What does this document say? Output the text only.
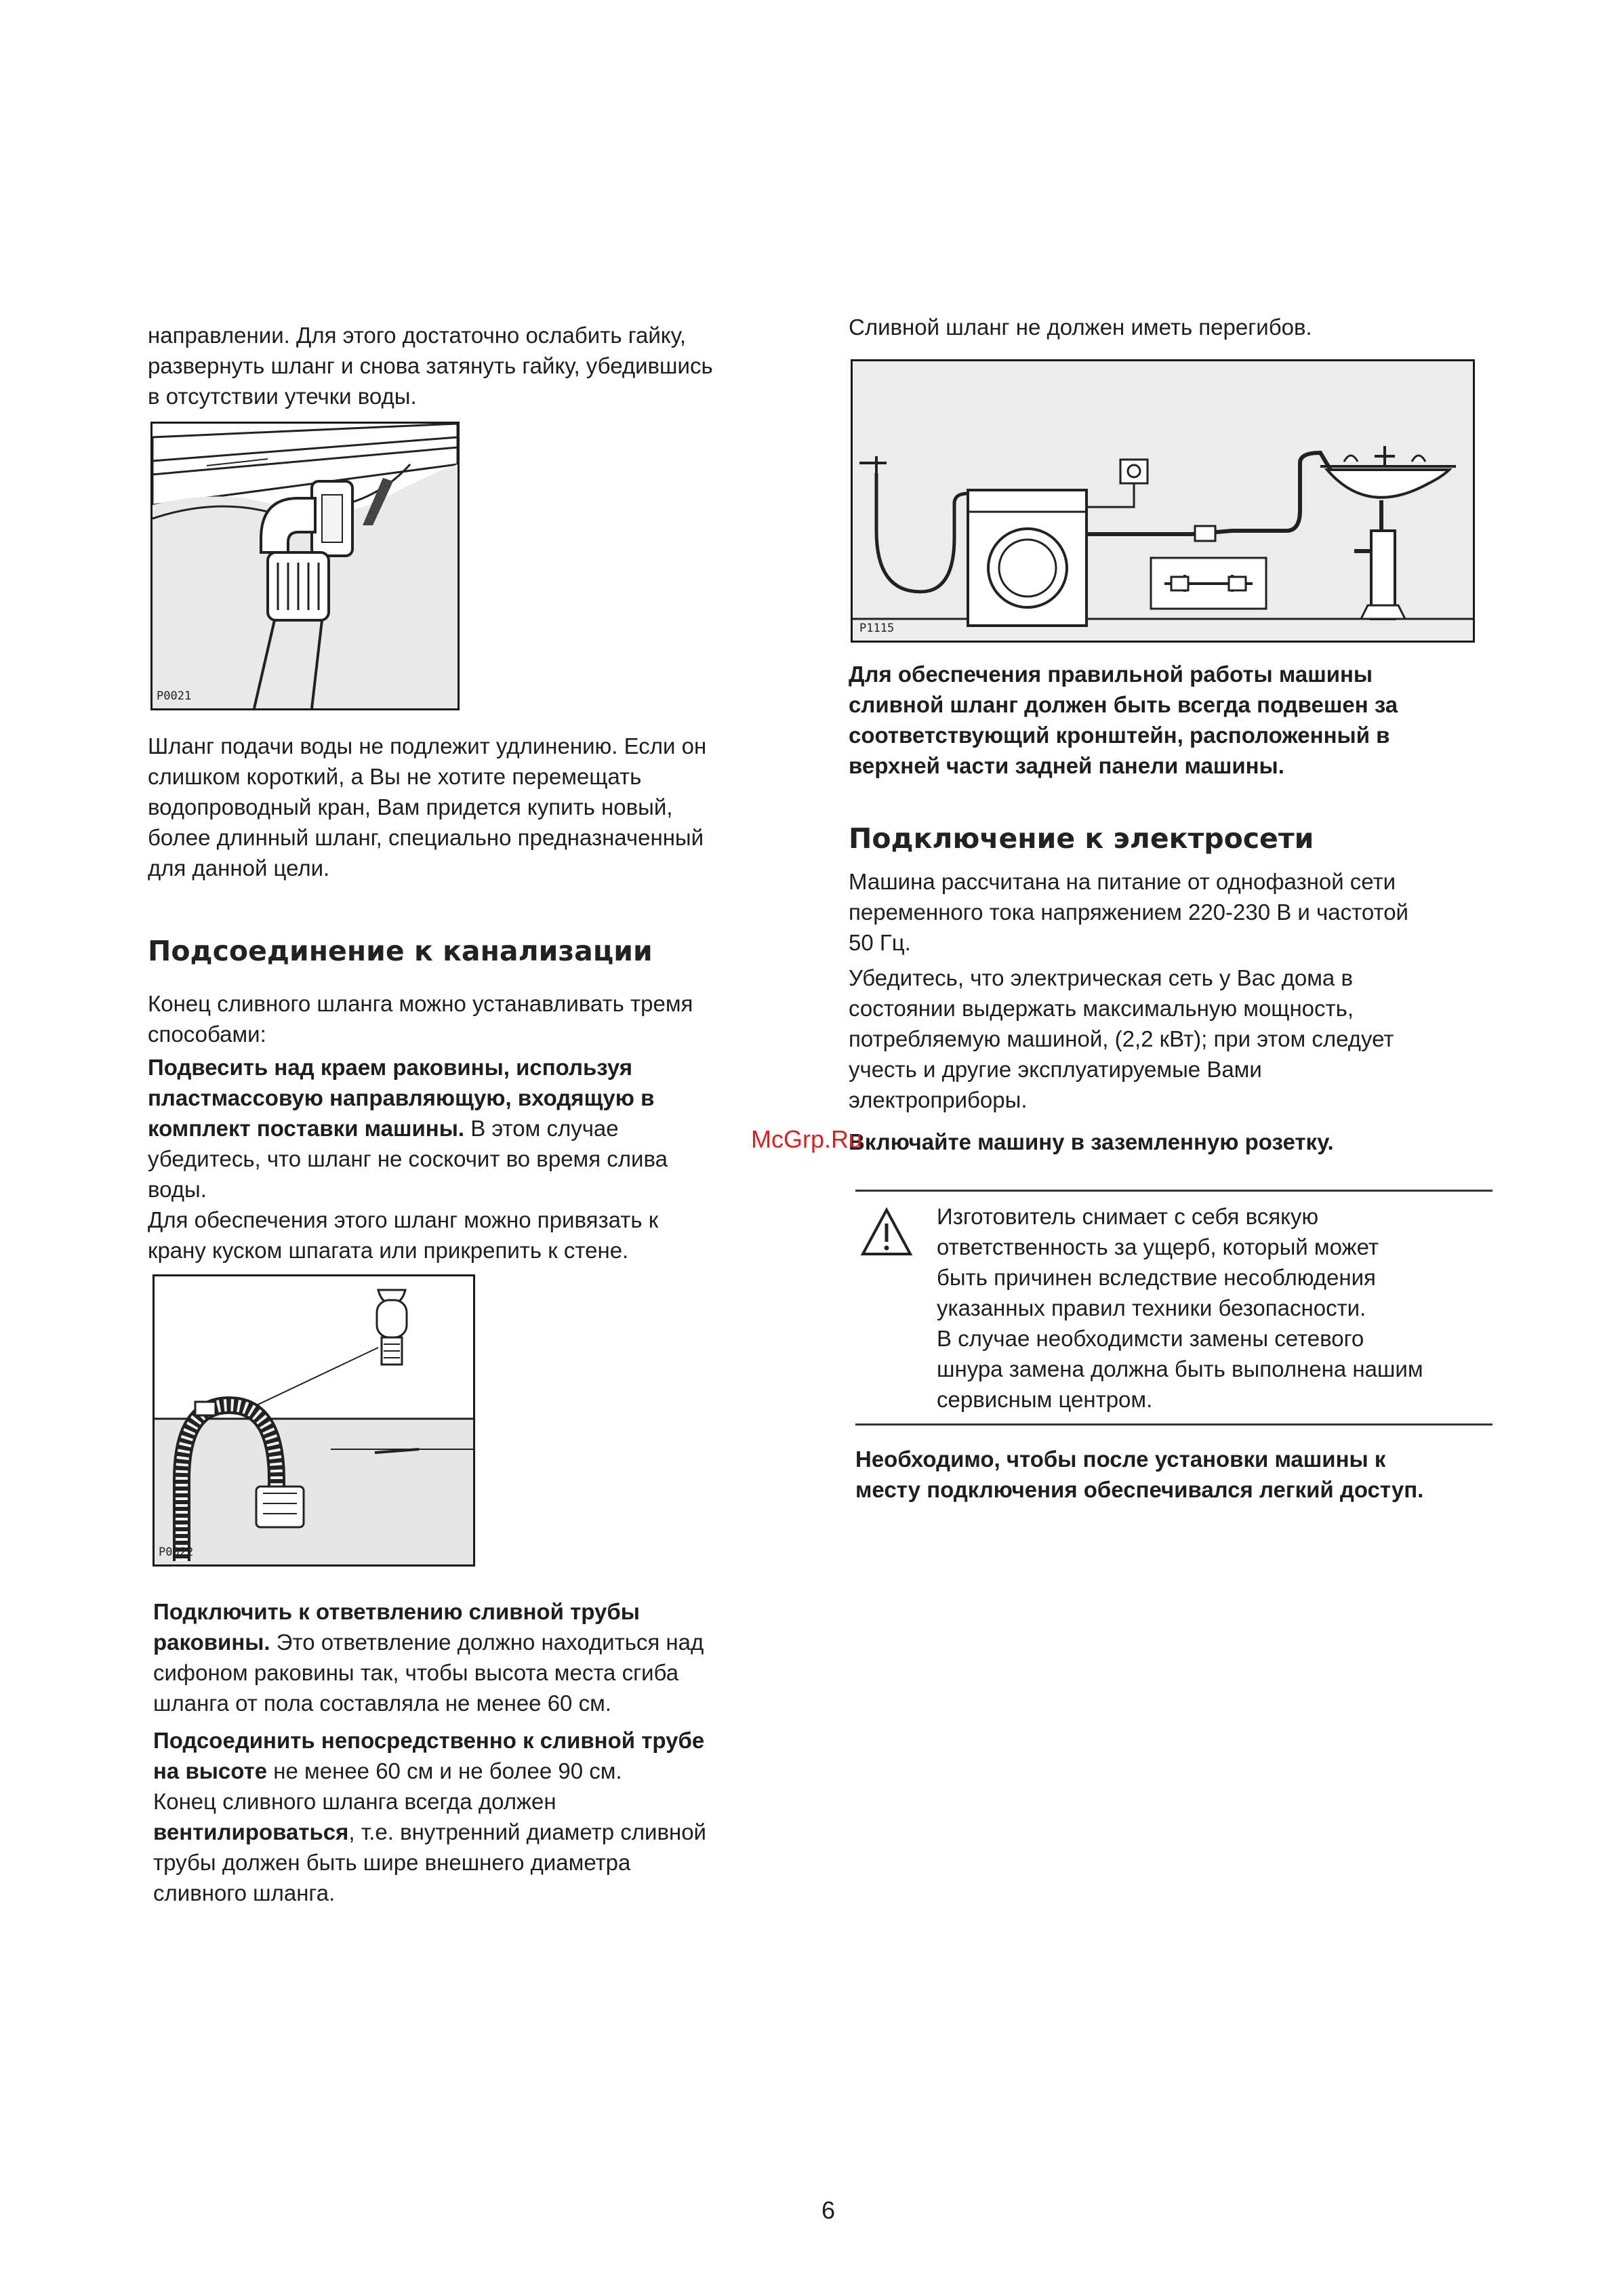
направлении. Для этого достаточно ослабить гайку,

развернуть шланг и снова затянуть гайку, убедившись

в отсутствии утечки воды.

P0021

Шланг подачи воды не подлежит удлинению. Если он

слишком короткий, а Вы не хотите перемещать

водопроводный кран, Вам придется купить новый,

более длинный шланг, специально предназначенный

для данной цели.

Подсоединение к канализации

Конец сливного шланга можно устанавливать тремя

способами:

Подвесить над краем раковины, используя

пластмассовую направляющую, входящую в

комплект поставки машины. В этом случае

убедитесь, что шланг не соскочит во время слива

воды.

Для обеспечения этого шланг можно привязать к

крану куском шпагата или прикрепить к стене.

P0022

Подключить к ответвлению сливной трубы

раковины. Это ответвление должно находиться над

сифоном раковины так, чтобы высота места сгиба

шланга от пола составляла не менее 60 см.

Подсоединить непосредственно к сливной трубе

на высоте не менее 60 см и не более 90 см.

Конец сливного шланга всегда должен

вентилироваться, т.е. внутренний диаметр сливной

трубы должен быть шире внешнего диаметра

сливного шланга.

Сливной шланг не должен иметь перегибов.

P1115

Для обеспечения правильной работы машины

сливной шланг должен быть всегда подвешен за

соответствующий кронштейн, расположенный в

верхней части задней панели машины.

Подключение к электросети

Машина рассчитана на питание от однофазной сети

переменного тока напряжением 220-230 В и частотой

50 Гц.

Убедитесь, что электрическая сеть у Вас дома в

состоянии выдержать максимальную мощность,

потребляемую машиной, (2,2 кВт); при этом следует

учесть и другие эксплуатируемые Вами

электроприборы.

Включайте машину в заземленную розетку.

McGrp.Ru

Изготовитель снимает с себя всякую

ответственность за ущерб, который может

быть причинен вследствие несоблюдения

указанных правил техники безопасности.

В случае необходимсти замены сетевого

шнура замена должна быть выполнена нашим

сервисным центром.

Необходимо, чтобы после установки машины к

месту подключения обеспечивался легкий доступ.

6
